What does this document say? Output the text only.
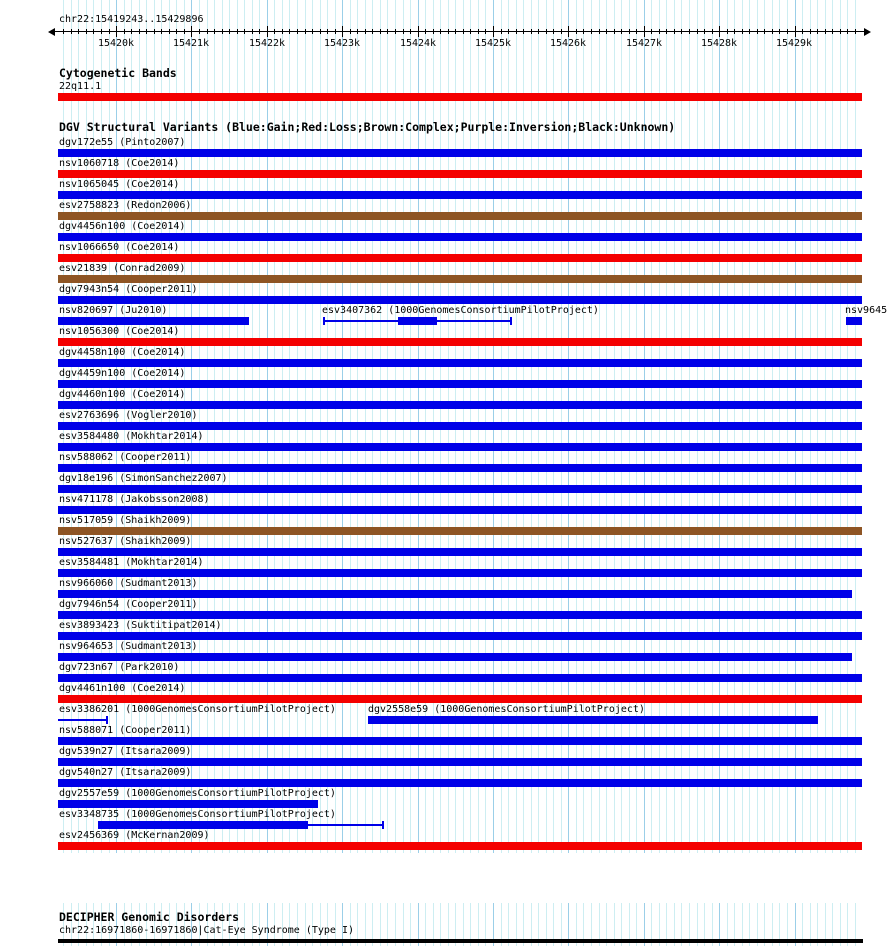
15420k	15421k	15422k	15423k	15424k	15425k	15426k	15427k	15428k	15429k
chr22:15419243..15429896
Cytogenetic Bands
22q11.1
DGV Structural Variants (Blue:Gain;Red:Loss;Brown:Complex;Purple:Inversion;Black:Unknown)
dgv172e55 (Pinto2007)
nsv1060718 (Coe2014)
nsv1065045 (Coe2014)
esv2758823 (Redon2006)
dgv4456n100 (Coe2014)
nsv1066650 (Coe2014)
esv21839 (Conrad2009)
dgv7943n54 (Cooper2011)
nsv820697 (Ju2010)	esv3407362 (1000GenomesConsortiumPilotProject)	nsv9645
nsv1056300 (Coe2014)
dgv4458n100 (Coe2014)
dgv4459n100 (Coe2014)
dgv4460n100 (Coe2014)
esv2763696 (Vogler2010)
esv3584480 (Mokhtar2014)
nsv588062 (Cooper2011)
dgv18e196 (SimonSanchez2007)
nsv471178 (Jakobsson2008)
nsv517059 (Shaikh2009)
nsv527637 (Shaikh2009)
esv3584481 (Mokhtar2014)
nsv966060 (Sudmant2013)
dgv7946n54 (Cooper2011)
esv3893423 (Suktitipat2014)
nsv964653 (Sudmant2013)
dgv723n67 (Park2010)
dgv4461n100 (Coe2014)
esv3386201 (1000GenomesConsortiumPilotProject)	dgv2558e59 (1000GenomesConsortiumPilotProject)
nsv588071 (Cooper2011)
dgv539n27 (Itsara2009)
dgv540n27 (Itsara2009)
dgv2557e59 (1000GenomesConsortiumPilotProject)
esv3348735 (1000GenomesConsortiumPilotProject)
esv2456369 (McKernan2009)
DECIPHER Genomic Disorders
chr22:16971860-16971860|Cat-Eye Syndrome (Type I)
